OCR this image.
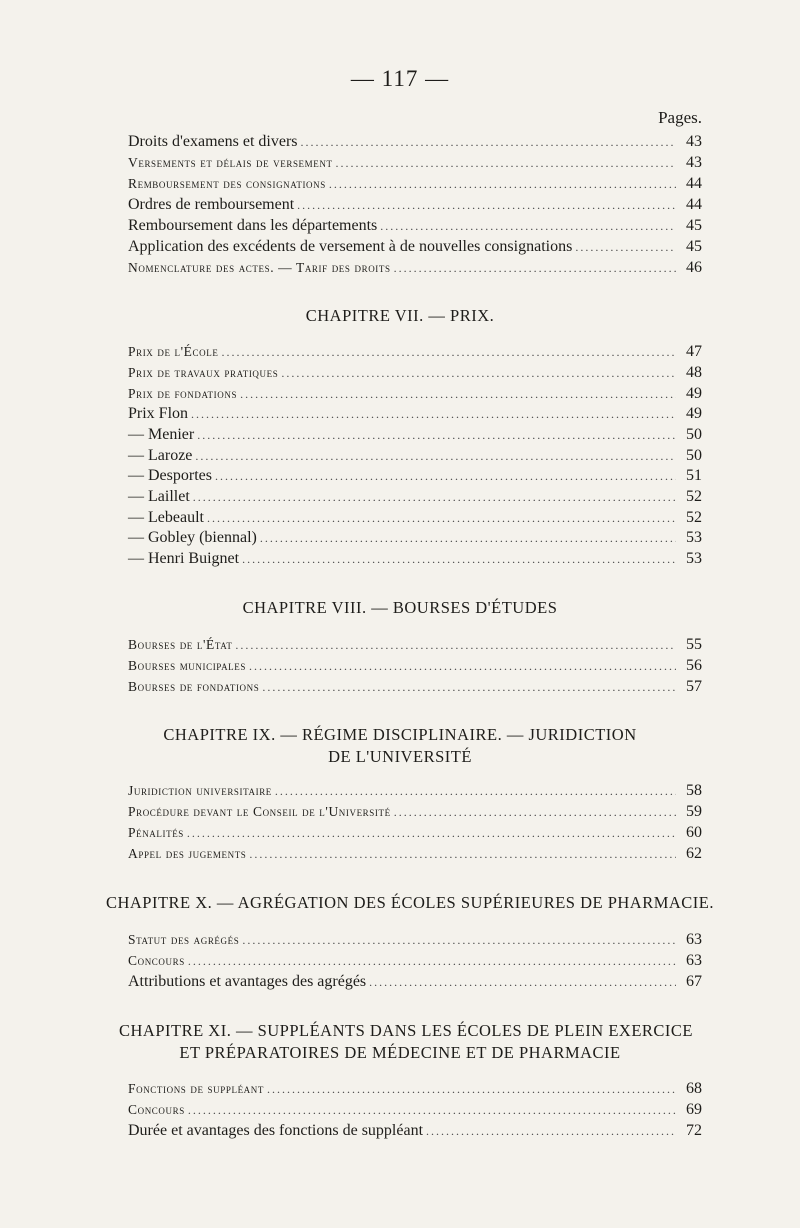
— 117 —
Pages.
Droits d'examens et divers .....	43
Versements et délais de versement .....	43
Remboursement des consignations .....	44
Ordres de remboursement .....	44
Remboursement dans les départements .....	45
Application des excédents de versement à de nouvelles consignations .....	45
Nomenclature des actes. — Tarif des droits .....	46
CHAPITRE VII. — PRIX.
Prix de l'École .....	47
Prix de travaux pratiques .....	48
Prix de fondations .....	49
Prix Flon .....	49
— Menier .....	50
— Laroze .....	50
— Desportes .....	51
— Laillet .....	52
— Lebeault .....	52
— Gobley (biennal) .....	53
— Henri Buignet .....	53
CHAPITRE VIII. — BOURSES D'ÉTUDES
Bourses de l'État .....	55
Bourses municipales .....	56
Bourses de fondations .....	57
CHAPITRE IX. — RÉGIME DISCIPLINAIRE. — JURIDICTION
DE L'UNIVERSITÉ
Juridiction universitaire .....	58
Procédure devant le Conseil de l'Université .....	59
Pénalités .....	60
Appel des jugements .....	62
CHAPITRE X. — AGRÉGATION DES ÉCOLES SUPÉRIEURES DE PHARMACIE.
Statut des agrégés .....	63
Concours .....	63
Attributions et avantages des agrégés .....	67
CHAPITRE XI. — SUPPLÉANTS DANS LES ÉCOLES DE PLEIN EXERCICE
ET PRÉPARATOIRES DE MÉDECINE ET DE PHARMACIE
Fonctions de suppléant .....	68
Concours .....	69
Durée et avantages des fonctions de suppléant .....	72
